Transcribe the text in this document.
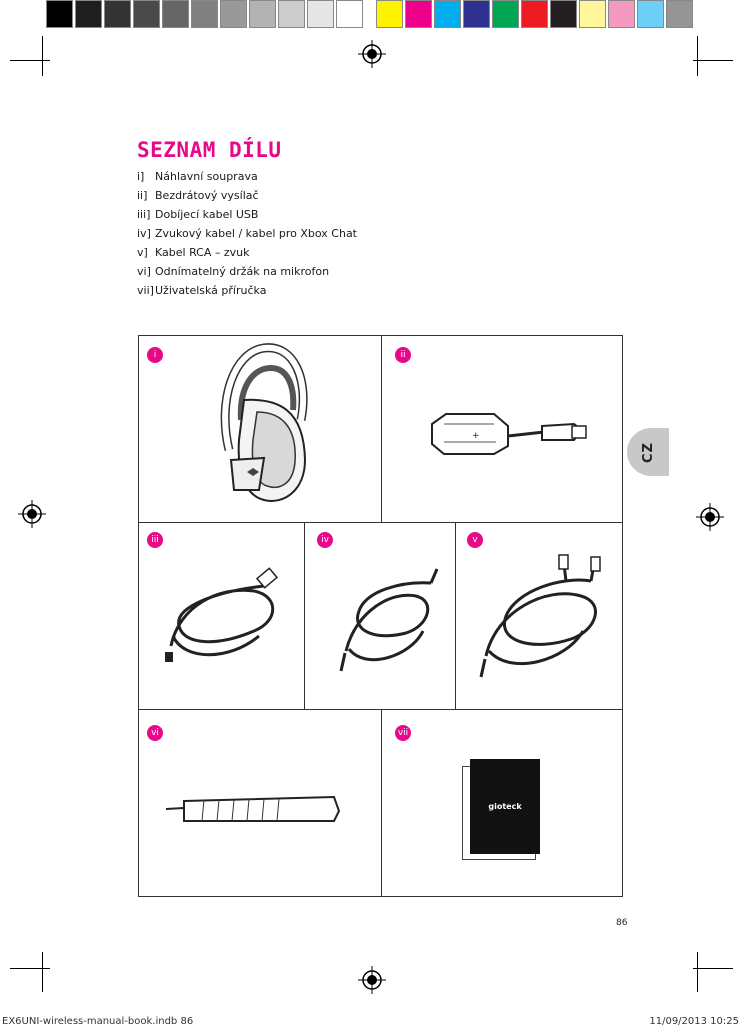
SEZNAM DÍLU
i] Náhlavní souprava
ii] Bezdrátový vysílač
iii] Dobíjecí kabel USB
iv] Zvukový kabel / kabel pro Xbox Chat
v] Kabel RCA – zvuk
vi] Odnímatelný držák na mikrofon
vii] Uživatelská příručka
CZ
i	ii
iii	iv	v
vi	vii
+
gioteck
86
EX6UNI-wireless-manual-book.indb 86	11/09/2013 10:25
